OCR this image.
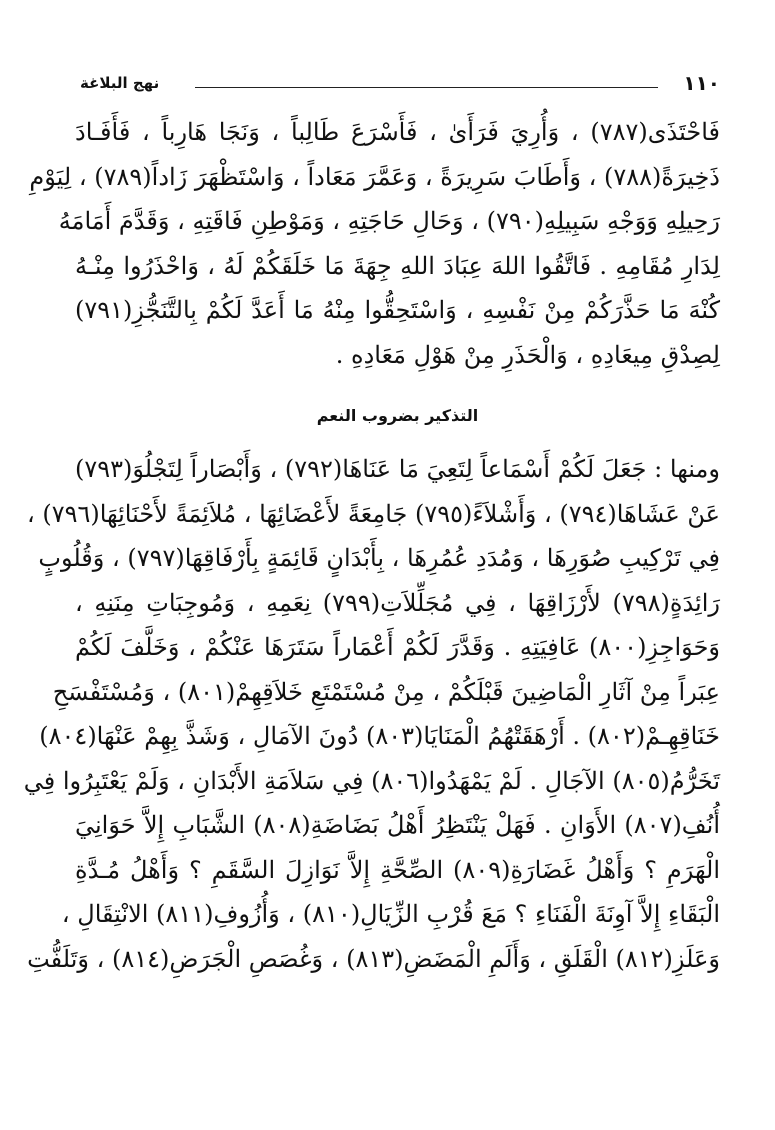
١١٠
نهج البلاغة
فَاحْتَذَى(٧٨٧) ، وَأُرِيَ فَرَأَىٰ ، فَأَسْرَعَ طَالِباً ، وَنَجَا هَارِباً ، فَأَفَـادَ
ذَخِيرَةً(٧٨٨) ، وَأَطَابَ سَرِيرَةً ، وَعَمَّرَ مَعَاداً ، وَاسْتَظْهَرَ زَاداً(٧٨٩) ، لِيَوْمِ
رَحِيلِهِ وَوَجْهِ سَبِيلِهِ(٧٩٠) ، وَحَالِ حَاجَتِهِ ، وَمَوْطِنِ فَاقَتِهِ ، وَقَدَّمَ أَمَامَهُ
لِدَارِ مُقَامِهِ . فَاتَّقُوا اللهَ عِبَادَ اللهِ جِهَةَ مَا خَلَقَكُمْ لَهُ ، وَاحْذَرُوا مِنْـهُ
كُنْهَ مَا حَذَّرَكُمْ مِنْ نَفْسِهِ ، وَاسْتَحِقُّوا مِنْهُ مَا أَعَدَّ لَكُمْ بِالتَّنَجُّزِ(٧٩١)
لِصِدْقِ مِيعَادِهِ ، وَالْحَذَرِ مِنْ هَوْلِ مَعَادِهِ .
التذكير بضروب النعم
ومنها : جَعَلَ لَكُمْ أَسْمَاعاً لِتَعِيَ مَا عَنَاهَا(٧٩٢) ، وَأَبْصَاراً لِتَجْلُوَ(٧٩٣)
عَنْ عَشَاهَا(٧٩٤) ، وَأَشْلاَءً(٧٩٥) جَامِعَةً لأَعْضَائِهَا ، مُلاَئِمَةً لأَحْنَائِهَا(٧٩٦) ،
فِي تَرْكِيبِ صُوَرِهَا ، وَمُدَدِ عُمُرِهَا ، بِأَبْدَانٍ قَائِمَةٍ بِأَرْفَاقِهَا(٧٩٧) ، وَقُلُوبٍ
رَائِدَةٍ(٧٩٨) لأَرْزَاقِهَا ، فِي مُجَلِّلاَتِ(٧٩٩) نِعَمِهِ ، وَمُوجِبَاتِ مِنَنِهِ ،
وَحَوَاجِزِ(٨٠٠) عَافِيَتِهِ . وَقَدَّرَ لَكُمْ أَعْمَاراً سَتَرَهَا عَنْكُمْ ، وَخَلَّفَ لَكُمْ
عِبَراً مِنْ آثَارِ الْمَاضِينَ قَبْلَكُمْ ، مِنْ مُسْتَمْتَعِ خَلاَقِهِمْ(٨٠١) ، وَمُسْتَفْسَحِ
خَنَاقِهِـمْ(٨٠٢) . أَرْهَقَتْهُمُ الْمَنَايَا(٨٠٣) دُونَ الآمَالِ ، وَشَذَّ بِهِمْ عَنْهَا(٨٠٤)
تَخَرُّمُ(٨٠٥) الآجَالِ . لَمْ يَمْهَدُوا(٨٠٦) فِي سَلاَمَةِ الأَبْدَانِ ، وَلَمْ يَعْتَبِرُوا فِي
أُنُفِ(٨٠٧) الأَوَانِ . فَهَلْ يَنْتَظِرُ أَهْلُ بَضَاضَةِ(٨٠٨) الشَّبَابِ إِلاَّ حَوَانِيَ
الْهَرَمِ ؟ وَأَهْلُ غَضَارَةِ(٨٠٩) الصِّحَّةِ إِلاَّ نَوَازِلَ السَّقَمِ ؟ وَأَهْلُ مُـدَّةِ
الْبَقَاءِ إِلاَّ آوِنَةَ الْفَنَاءِ ؟ مَعَ قُرْبِ الزِّيَالِ(٨١٠) ، وَأُزُوفِ(٨١١) الانْتِقَالِ ،
وَعَلَزِ(٨١٢) الْقَلَقِ ، وَأَلَمِ الْمَضَضِ(٨١٣) ، وَغُصَصِ الْجَرَضِ(٨١٤) ، وَتَلَفُّتِ
